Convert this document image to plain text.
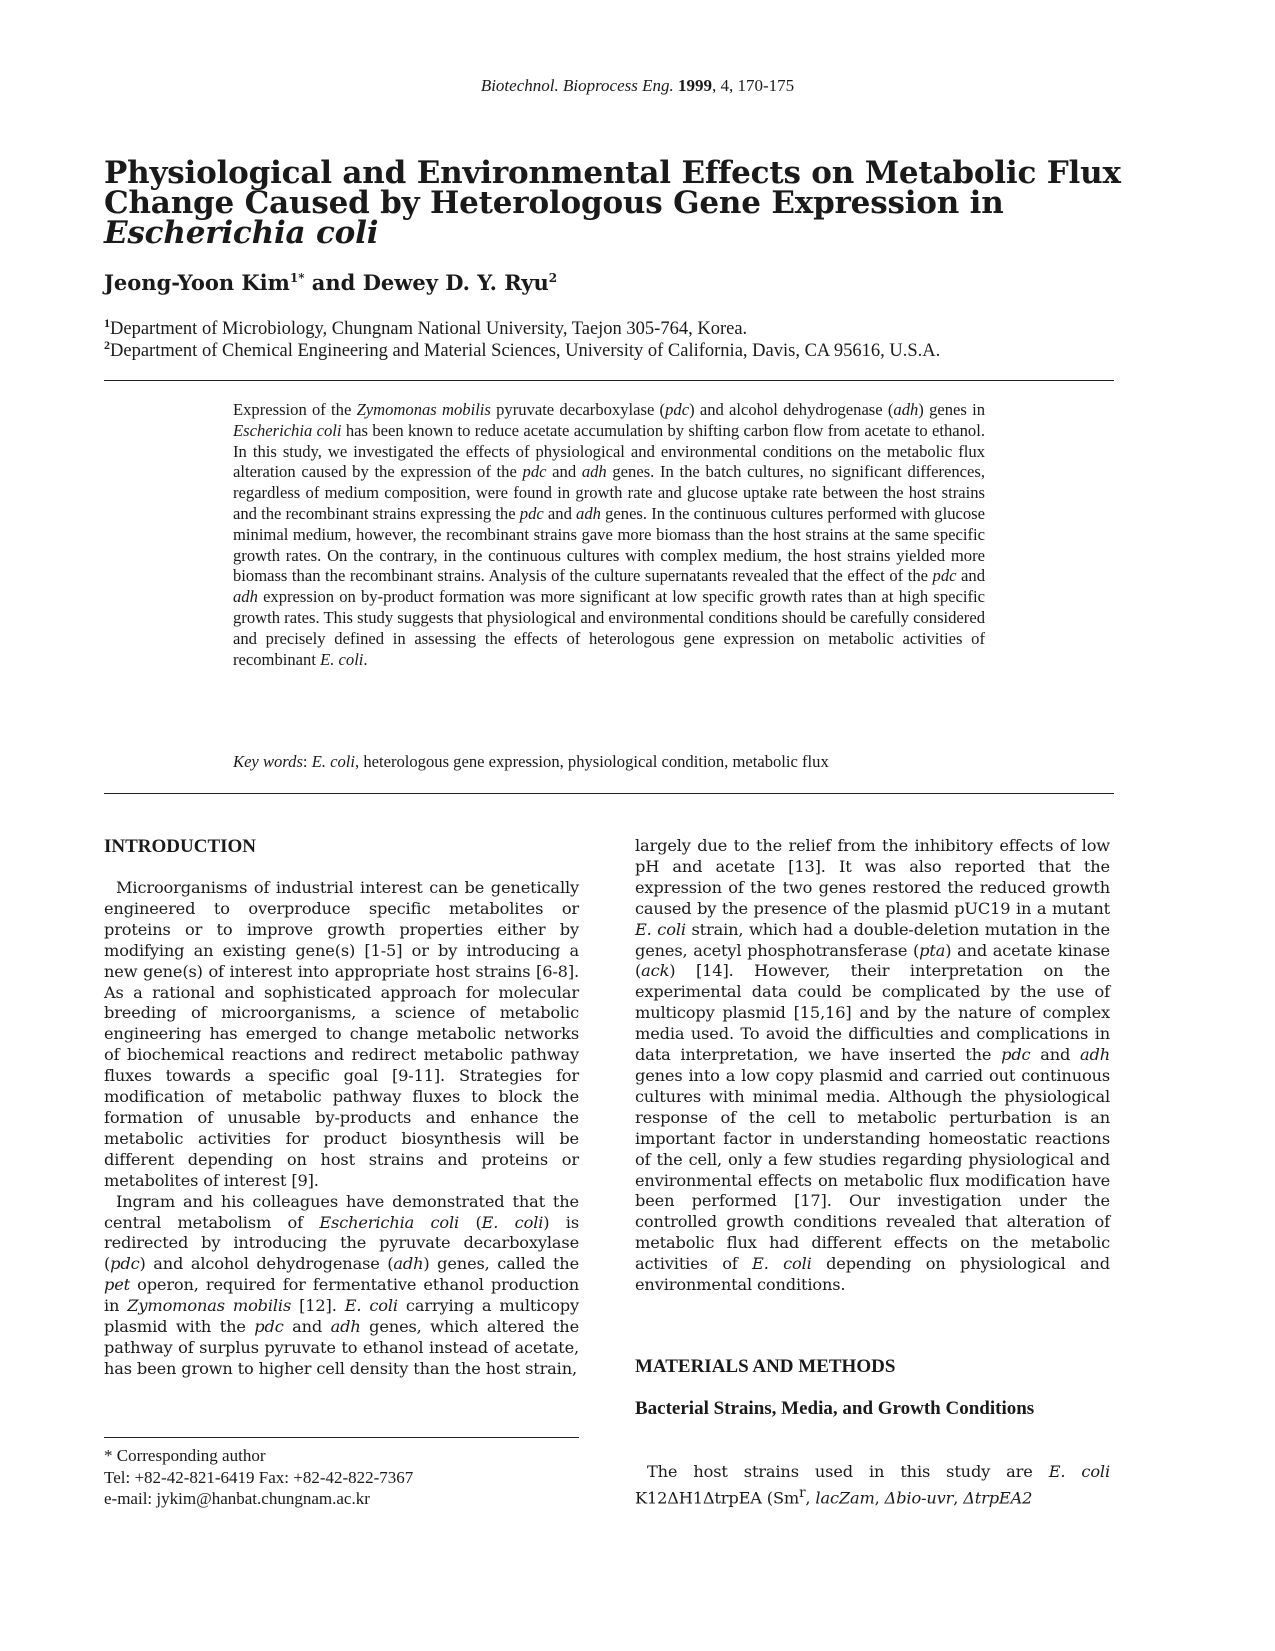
Biotechnol. Bioprocess Eng. 1999, 4, 170-175
Physiological and Environmental Effects on Metabolic Flux
Change Caused by Heterologous Gene Expression in
Escherichia coli
Jeong-Yoon Kim$^{1*}$ and Dewey D. Y. Ryu$^2$
$^1$Department of Microbiology, Chungnam National University, Taejon 305-764, Korea.
$^2$Department of Chemical Engineering and Material Sciences, University of California, Davis, CA 95616, U.S.A.

Expression of the Zymomonas mobilis pyruvate decarboxylase (pdc) and alcohol dehydrogenase (adh) genes in Escherichia coli has been known to reduce acetate accumulation by shifting carbon flow from acetate to ethanol. In this study, we investigated the effects of physiological and environmental conditions on the metabolic flux alteration caused by the expression of the pdc and adh genes. In the batch cultures, no significant differences, regardless of medium composition, were found in growth rate and glucose uptake rate between the host strains and the recombinant strains expressing the pdc and adh genes. In the continuous cultures performed with glucose minimal medium, however, the recombinant strains gave more biomass than the host strains at the same specific growth rates. On the contrary, in the continuous cultures with complex medium, the host strains yielded more biomass than the recombinant strains. Analysis of the culture supernatants revealed that the effect of the pdc and adh expression on by-product formation was more significant at low specific growth rates than at high specific growth rates. This study suggests that physiological and environmental conditions should be carefully considered and precisely defined in assessing the effects of heterologous gene expression on metabolic activities of recombinant E. coli.

Key words: E. coli, heterologous gene expression, physiological condition, metabolic flux
INTRODUCTION

Microorganisms of industrial interest can be genetically engineered to overproduce specific metabolites or proteins or to improve growth properties either by modifying an existing gene(s) [1-5] or by introducing a new gene(s) of interest into appropriate host strains [6-8]. As a rational and sophisticated approach for molecular breeding of microorganisms, a science of metabolic engineering has emerged to change metabolic networks of biochemical reactions and redirect metabolic pathway fluxes towards a specific goal [9-11]. Strategies for modification of metabolic pathway fluxes to block the formation of unusable by-products and enhance the metabolic activities for product biosynthesis will be different depending on host strains and proteins or metabolites of interest [9].

Ingram and his colleagues have demonstrated that the central metabolism of Escherichia coli (E. coli) is redirected by introducing the pyruvate decarboxylase (pdc) and alcohol dehydrogenase (adh) genes, called the pet operon, required for fermentative ethanol production in Zymomonas mobilis [12]. E. coli carrying a multicopy plasmid with the pdc and adh genes, which altered the pathway of surplus pyruvate to ethanol instead of acetate, has been grown to higher cell density than the host strain,

largely due to the relief from the inhibitory effects of low pH and acetate [13]. It was also reported that the expression of the two genes restored the reduced growth caused by the presence of the plasmid pUC19 in a mutant E. coli strain, which had a double-deletion mutation in the genes, acetyl phosphotransferase (pta) and acetate kinase (ack) [14]. However, their interpretation on the experimental data could be complicated by the use of multicopy plasmid [15,16] and by the nature of complex media used. To avoid the difficulties and complications in data interpretation, we have inserted the pdc and adh genes into a low copy plasmid and carried out continuous cultures with minimal media. Although the physiological response of the cell to metabolic perturbation is an important factor in understanding homeostatic reactions of the cell, only a few studies regarding physiological and environmental effects on metabolic flux modification have been performed [17]. Our investigation under the controlled growth conditions revealed that alteration of metabolic flux had different effects on the metabolic activities of E. coli depending on physiological and environmental conditions.

MATERIALS AND METHODS
Bacterial Strains, Media, and Growth Conditions

The host strains used in this study are E. coli K12ΔH1ΔtrpEA (Sm$^r$, lacZam, Δbio-uvr, ΔtrpEA2

* Corresponding author
Tel: +82-42-821-6419 Fax: +82-42-822-7367
e-mail: jykim@hanbat.chungnam.ac.kr
